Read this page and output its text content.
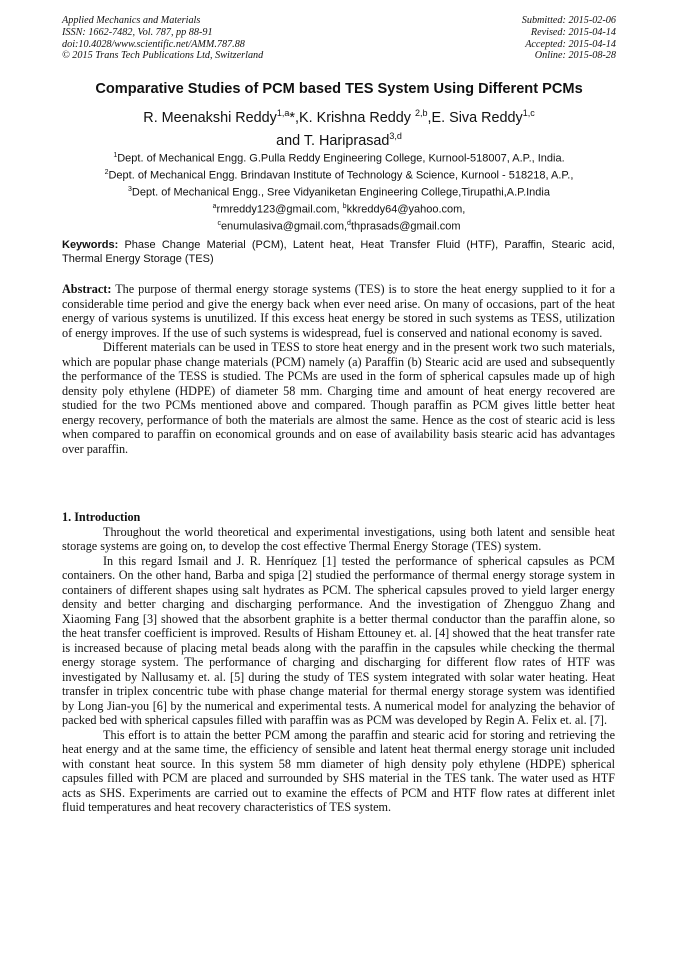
Applied Mechanics and Materials
ISSN: 1662-7482, Vol. 787, pp 88-91
doi:10.4028/www.scientific.net/AMM.787.88
© 2015 Trans Tech Publications Ltd, Switzerland
Submitted: 2015-02-06
Revised: 2015-04-14
Accepted: 2015-04-14
Online: 2015-08-28
Comparative Studies of PCM based TES System Using Different PCMs
R. Meenakshi Reddy$^{1,a}$*,K. Krishna Reddy $^{2,b}$,E. Siva Reddy$^{1,c}$
and T. Hariprasad$^{3,d}$
$^1$Dept. of Mechanical Engg. G.Pulla Reddy Engineering College, Kurnool-518007, A.P., India.
$^2$Dept. of Mechanical Engg. Brindavan Institute of Technology & Science, Kurnool - 518218, A.P.,
$^3$Dept. of Mechanical Engg., Sree Vidyaniketan Engineering College,Tirupathi,A.P.India
$^a$rmreddy123@gmail.com, $^b$kkreddy64@yahoo.com,
$^c$enumulasiva@gmail.com,$^d$thprasads@gmail.com
Keywords: Phase Change Material (PCM), Latent heat, Heat Transfer Fluid (HTF), Paraffin, Stearic acid, Thermal Energy Storage (TES)

Abstract: The purpose of thermal energy storage systems (TES) is to store the heat energy supplied to it for a considerable time period and give the energy back when ever need arise. On many of occasions, part of the heat energy of various systems is unutilized. If this excess heat energy be stored in such systems as TESS, utilization of energy improves. If the use of such systems is widespread, fuel is conserved and national economy is saved.

Different materials can be used in TESS to store heat energy and in the present work two such materials, which are popular phase change materials (PCM) namely (a) Paraffin (b) Stearic acid are used and subsequently the performance of the TESS is studied. The PCMs are used in the form of spherical capsules made up of high density poly ethylene (HDPE) of diameter 58 mm. Charging time and amount of heat energy recovered are studied for the two PCMs mentioned above and compared. Though paraffin as PCM gives little better heat energy recovery, performance of both the materials are almost the same. Hence as the cost of stearic acid is less when compared to paraffin on economical grounds and on ease of availability basis stearic acid has advantages over paraffin.

1. Introduction

Throughout the world theoretical and experimental investigations, using both latent and sensible heat storage systems are going on, to develop the cost effective Thermal Energy Storage (TES) system.

In this regard Ismail and J. R. Henríquez [1] tested the performance of spherical capsules as PCM containers. On the other hand, Barba and spiga [2] studied the performance of thermal energy storage system in containers of different shapes using salt hydrates as PCM. The spherical capsules proved to yield larger energy density and better charging and discharging performance. And the investigation of Zhengguo Zhang and Xiaoming Fang [3] showed that the absorbent graphite is a better thermal conductor than the paraffin alone, so the heat transfer coefficient is improved. Results of Hisham Ettouney et. al. [4] showed that the heat transfer rate is increased because of placing metal beads along with the paraffin in the capsules while checking the thermal energy storage system. The performance of charging and discharging for different flow rates of HTF was investigated by Nallusamy et. al. [5] during the study of TES system integrated with solar water heating. Heat transfer in triplex concentric tube with phase change material for thermal energy storage system was identified by Long Jian-you [6] by the numerical and experimental tests. A numerical model for analyzing the behavior of packed bed with spherical capsules filled with paraffin was as PCM was developed by Regin A. Felix et. al. [7].

This effort is to attain the better PCM among the paraffin and stearic acid for storing and retrieving the heat energy and at the same time, the efficiency of sensible and latent heat thermal energy storage unit included with constant heat source. In this system 58 mm diameter of high density poly ethylene (HDPE) spherical capsules filled with PCM are placed and surrounded by SHS material in the TES tank. The water used as HTF acts as SHS. Experiments are carried out to examine the effects of PCM and HTF flow rates at different inlet fluid temperatures and heat recovery characteristics of TES system.
